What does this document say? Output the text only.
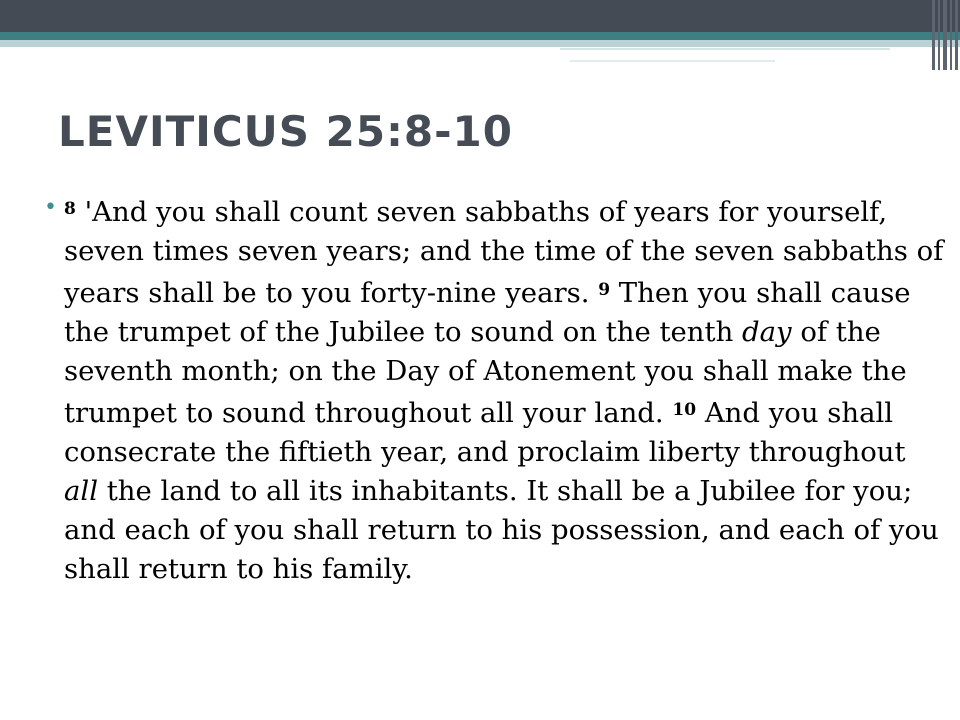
LEVITICUS 25:8-10
• $^8$ 'And you shall count seven sabbaths of years for yourself, seven times seven years; and the time of the seven sabbaths of years shall be to you forty-nine years. $^9$ Then you shall cause the trumpet of the Jubilee to sound on the tenth day of the seventh month; on the Day of Atonement you shall make the trumpet to sound throughout all your land. $^{10}$ And you shall consecrate the fiftieth year, and proclaim liberty throughout all the land to all its inhabitants. It shall be a Jubilee for you; and each of you shall return to his possession, and each of you shall return to his family.
